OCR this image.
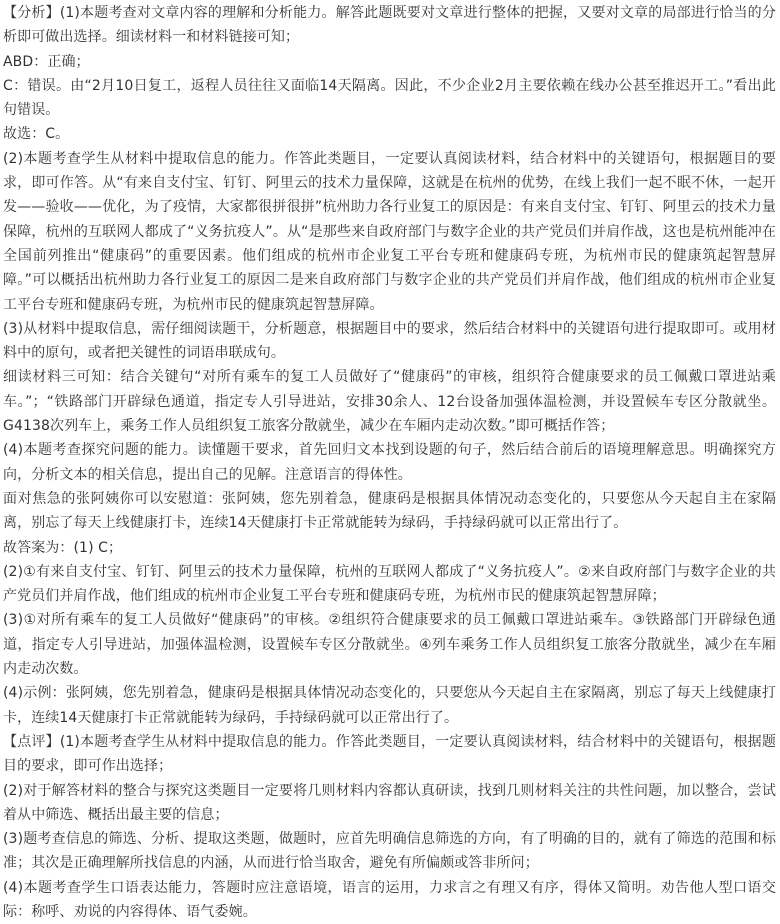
【分析】(1)本题考查对文章内容的理解和分析能力。解答此题既要对文章进行整体的把握，又要对文章的局部进行恰当的分析即可做出选择。细读材料一和材料链接可知；

ABD：正确；

C：错误。由“2月10日复工，返程人员往往又面临14天隔离。因此，不少企业2月主要依赖在线办公甚至推迟开工。”看出此句错误。

故选：C。

(2)本题考查学生从材料中提取信息的能力。作答此类题目，一定要认真阅读材料，结合材料中的关键语句，根据题目的要求，即可作答。从“有来自支付宝、钉钉、阿里云的技术力量保障，这就是在杭州的优势，在线上我们一起不眠不休，一起开发——验收——优化，为了疫情，大家都很拼很拼”杭州助力各行业复工的原因是：有来自支付宝、钉钉、阿里云的技术力量保障，杭州的互联网人都成了“义务抗疫人”。从“是那些来自政府部门与数字企业的共产党员们并肩作战，这也是杭州能冲在全国前列推出“健康码”的重要因素。他们组成的杭州市企业复工平台专班和健康码专班，为杭州市民的健康筑起智慧屏障。”可以概括出杭州助力各行业复工的原因二是来自政府部门与数字企业的共产党员们并肩作战，他们组成的杭州市企业复工平台专班和健康码专班，为杭州市民的健康筑起智慧屏障。

(3)从材料中提取信息，需仔细阅读题干，分析题意，根据题目中的要求，然后结合材料中的关键语句进行提取即可。或用材料中的原句，或者把关键性的词语串联成句。

细读材料三可知：结合关键句“对所有乘车的复工人员做好了“健康码”的审核，组织符合健康要求的员工佩戴口罩进站乘车。”；“铁路部门开辟绿色通道，指定专人引导进站，安排30余人、12台设备加强体温检测，并设置候车专区分散就坐。G4138次列车上，乘务工作人员组织复工旅客分散就坐，减少在车厢内走动次数。”即可概括作答；

(4)本题考查探究问题的能力。读懂题干要求，首先回归文本找到设题的句子，然后结合前后的语境理解意思。明确探究方向，分析文本的相关信息，提出自己的见解。注意语言的得体性。

面对焦急的张阿姨你可以安慰道：张阿姨，您先别着急，健康码是根据具体情况动态变化的，只要您从今天起自主在家隔离，别忘了每天上线健康打卡，连续14天健康打卡正常就能转为绿码，手持绿码就可以正常出行了。

故答案为：(1) C；

(2)①有来自支付宝、钉钉、阿里云的技术力量保障，杭州的互联网人都成了“义务抗疫人”。②来自政府部门与数字企业的共产党员们并肩作战，他们组成的杭州市企业复工平台专班和健康码专班，为杭州市民的健康筑起智慧屏障；

(3)①对所有乘车的复工人员做好“健康码”的审核。②组织符合健康要求的员工佩戴口罩进站乘车。③铁路部门开辟绿色通道，指定专人引导进站，加强体温检测，设置候车专区分散就坐。④列车乘务工作人员组织复工旅客分散就坐，减少在车厢内走动次数。

(4)示例：张阿姨，您先别着急，健康码是根据具体情况动态变化的，只要您从今天起自主在家隔离，别忘了每天上线健康打卡，连续14天健康打卡正常就能转为绿码，手持绿码就可以正常出行了。

【点评】(1)本题考查学生从材料中提取信息的能力。作答此类题目，一定要认真阅读材料，结合材料中的关键语句，根据题目的要求，即可作出选择；

(2)对于解答材料的整合与探究这类题目一定要将几则材料内容都认真研读，找到几则材料关注的共性问题，加以整合，尝试着从中筛选、概括出最主要的信息；

(3)题考查信息的筛选、分析、提取这类题，做题时，应首先明确信息筛选的方向，有了明确的目的，就有了筛选的范围和标准；其次是正确理解所找信息的内涵，从而进行恰当取舍，避免有所偏颇或答非所问；

(4)本题考查学生口语表达能力，答题时应注意语境，语言的运用，力求言之有理又有序，得体又简明。劝告他人型口语交际：称呼、劝说的内容得体、语气委婉。
